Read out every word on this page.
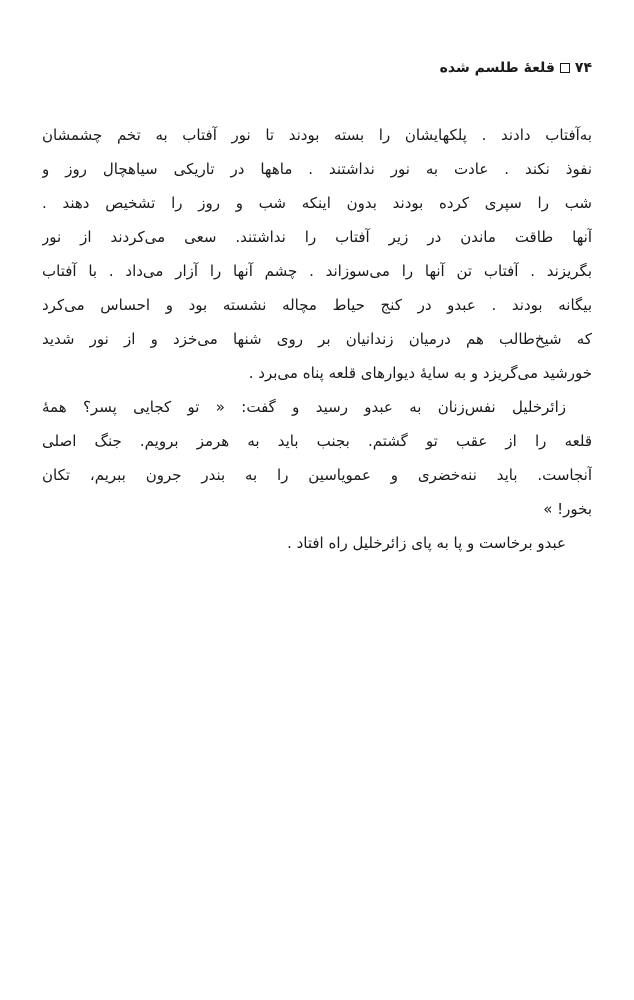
۷۴
قلعهٔ طلسم شده
به‌آفتاب دادند . پلکهایشان را بسته بودند تا نور آفتاب به تخم چشمشان
نفوذ نکند . عادت به نور نداشتند . ماهها در تاریکی سیاهچال روز و
شب را سپری کرده بودند بدون اینکه شب و روز را تشخیص دهند .
آنها طاقت ماندن در زیر آفتاب را نداشتند. سعی می‌کردند از نور
بگریزند . آفتاب تن آنها را می‌سوزاند . چشم آنها را آزار می‌داد . با آفتاب
بیگانه بودند . عبدو در کنج حیاط مچاله نشسته بود و احساس می‌کرد
که شیخ‌طالب هم درمیان زندانیان بر روی شنها می‌خزد و از نور شدید
خورشید می‌گریزد و به سایهٔ دیوارهای قلعه پناه می‌برد .
زائرخلیل نفس‌زنان به عبدو رسید و گفت: « تو کجایی پسر؟ همهٔ
قلعه را از عقب تو گشتم. بجنب باید به هرمز برویم. جنگ اصلی
آنجاست. باید ننه‌خضری و عمویاسین را به بندر جرون ببریم، تکان
بخور! »
عبدو برخاست و پا به پای زائرخلیل راه افتاد .
